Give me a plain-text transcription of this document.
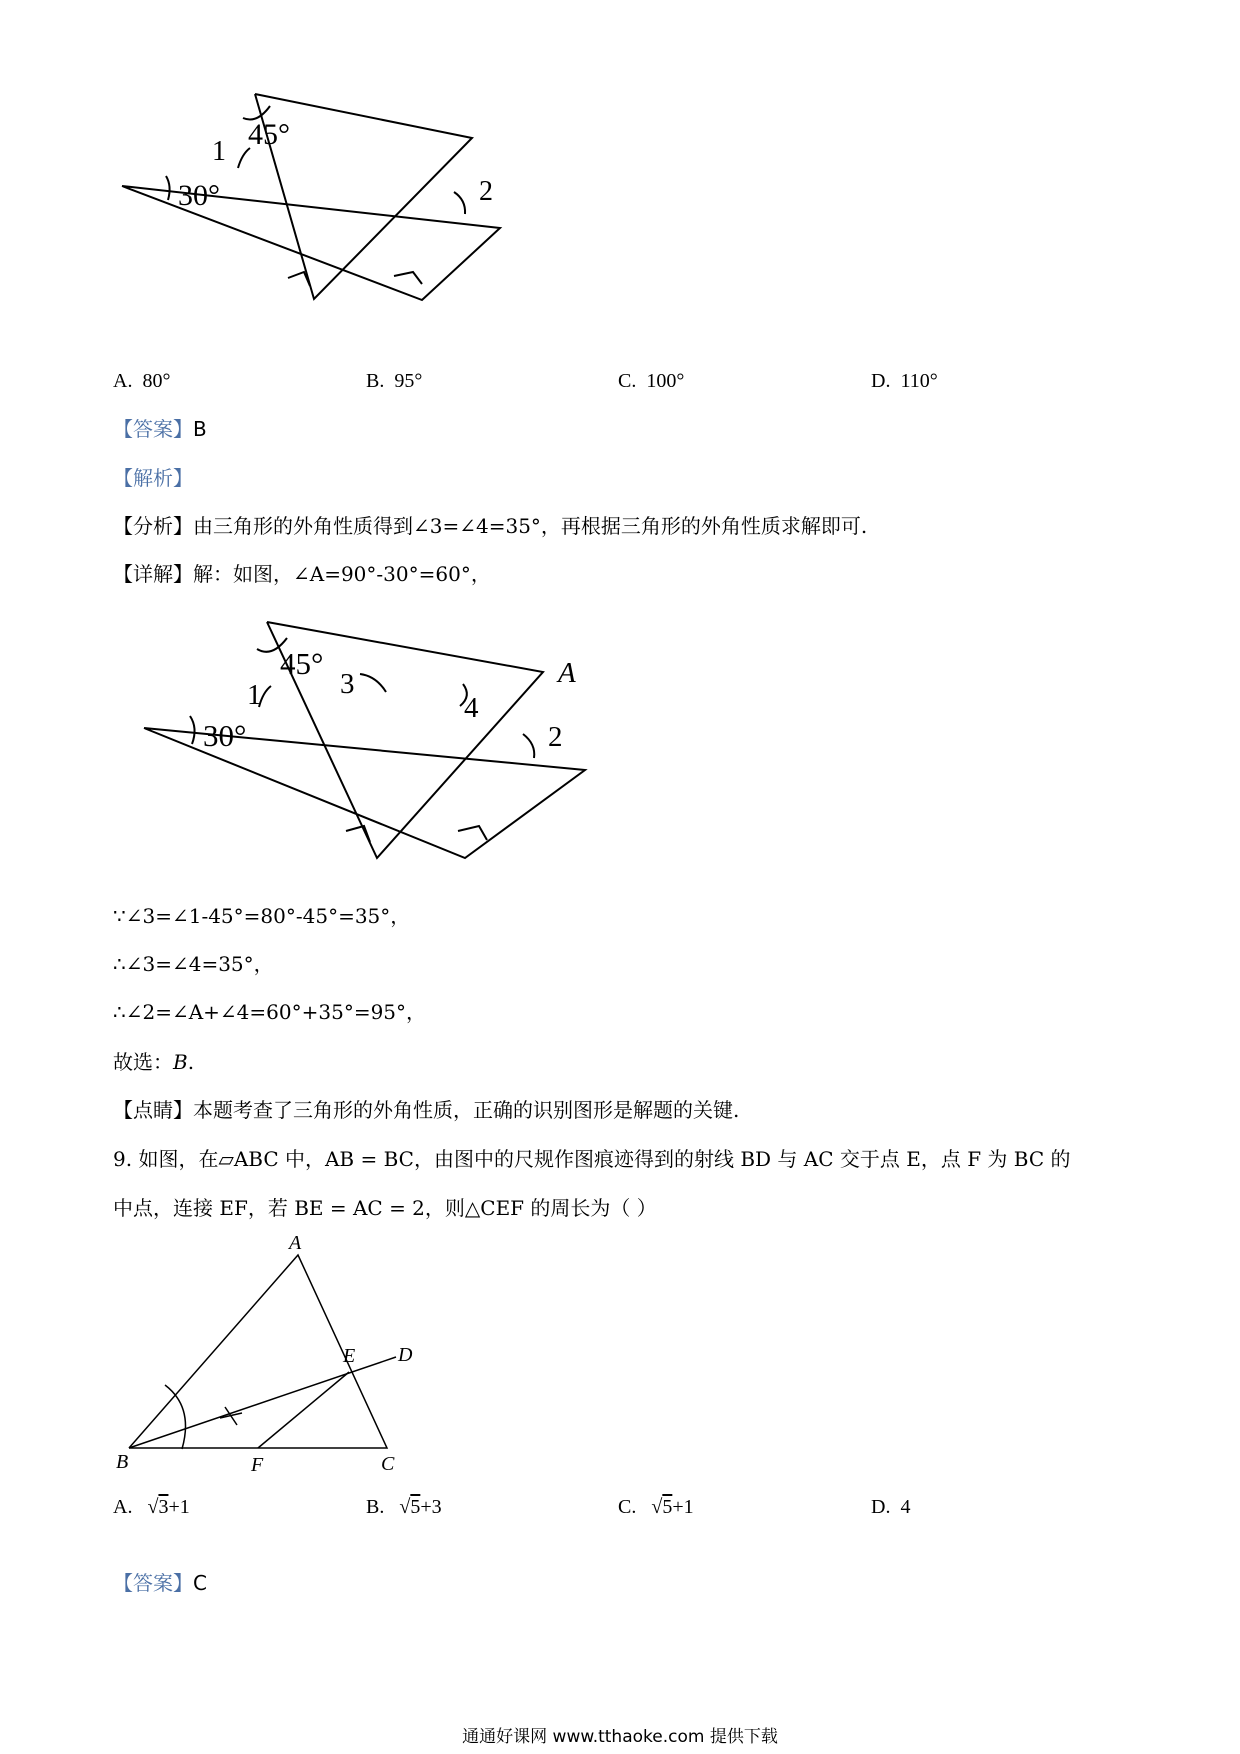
45°
1
30°	2
A. 80°	B. 95°	C. 100°	D. 110°
【答案】B
【解析】
【分析】由三角形的外角性质得到∠3=∠4=35°，再根据三角形的外角性质求解即可.
【详解】解：如图，∠A=90°-30°=60°，
45°
1	3	A
4
30°	2
∵∠3=∠1-45°=80°-45°=35°，
∴∠3=∠4=35°，
∴∠2=∠A+∠4=60°+35°=95°，
故选：B.
【点睛】本题考查了三角形的外角性质，正确的识别图形是解题的关键.
9. 如图，在▱ABC 中，AB = BC，由图中的尺规作图痕迹得到的射线 BD 与 AC 交于点 E，点 F 为 BC 的
中点，连接 EF，若 BE = AC = 2，则△CEF 的周长为（ ）
A
B	C
D
E
F
A. √3+1	B. √5+3	C. √5+1	D. 4
【答案】C
通通好课网 www.tthaoke.com 提供下载
